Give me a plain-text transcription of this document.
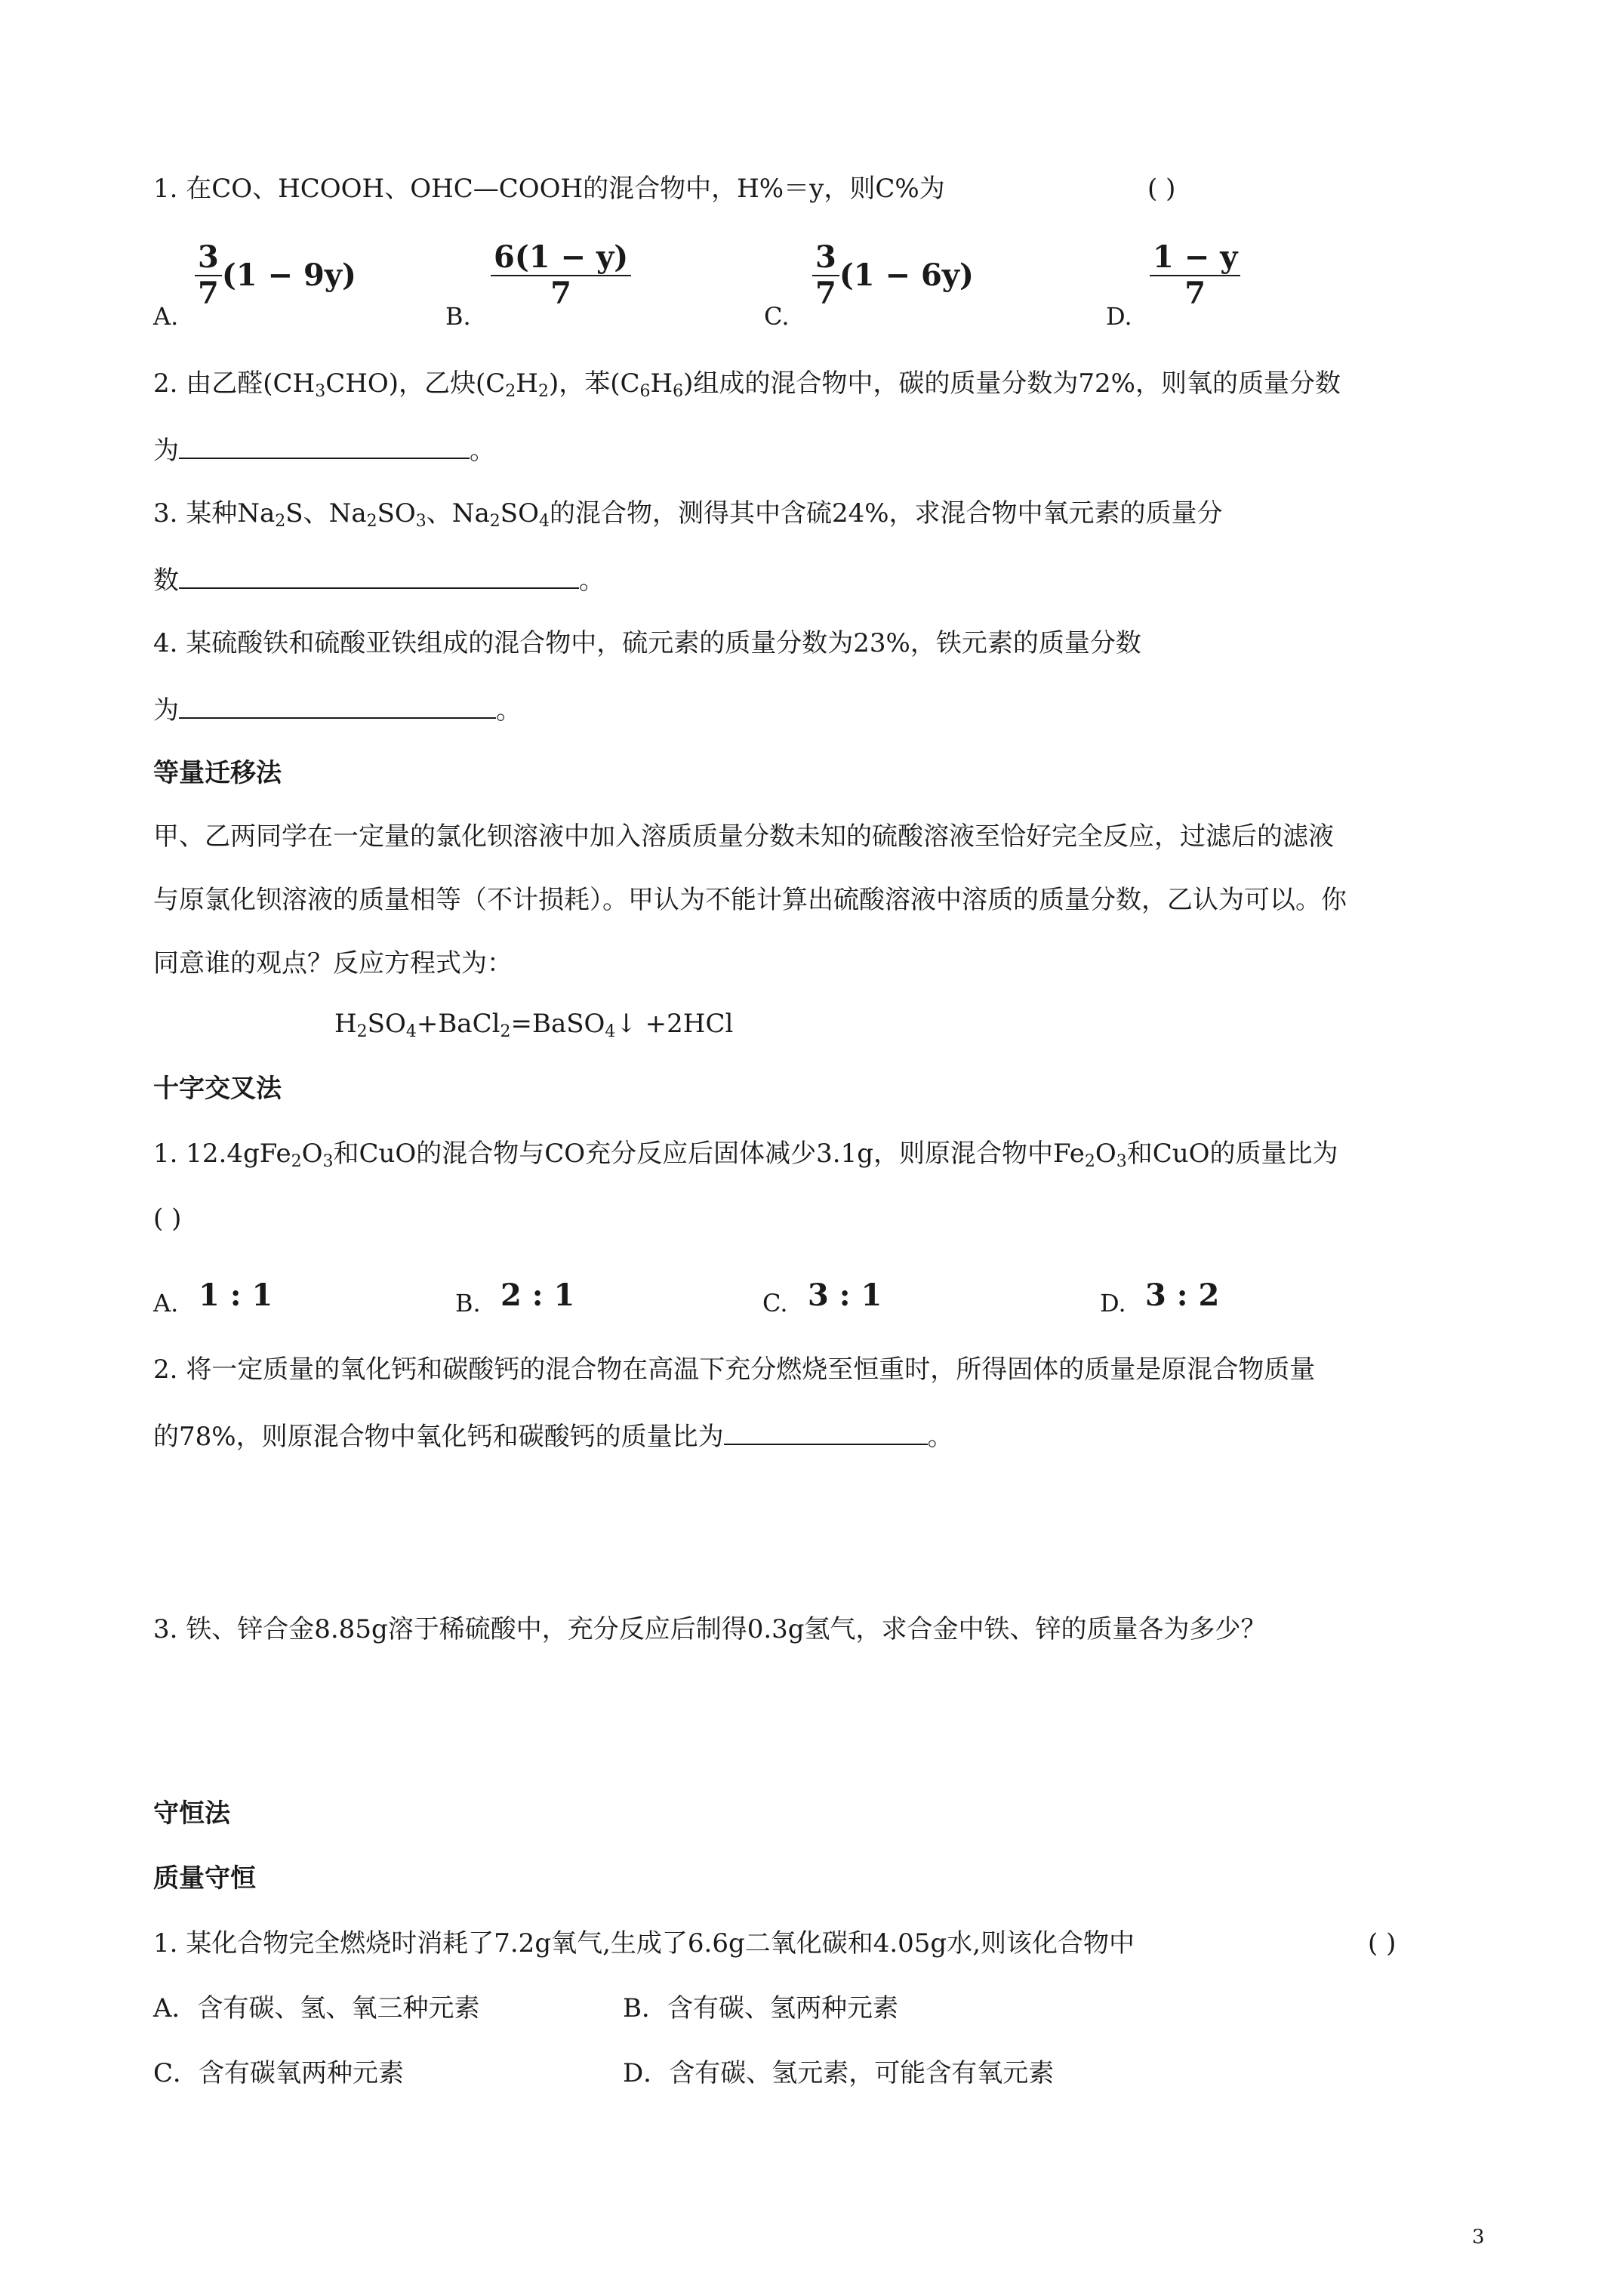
1. 在CO、HCOOH、OHC—COOH的混合物中，H%＝y，则C%为	( )
A.
$\frac{3}{7} (1 - 9y)$
B.
6(1 − y)
7
C.
$\frac{3}{7} (1 - 6y)$
D.
1 − y
7
2. 由乙醛$(CH_3CHO)$，乙炔$(C_2H_2)$，苯$(C_6H_6)$组成的混合物中，碳的质量分数为72%，则氧的质量分数
为	。
3. 某种$Na_2S$、$Na_2SO_3$、$Na_2SO_4$的混合物，测得其中含硫24%，求混合物中氧元素的质量分
数	。
4. 某硫酸铁和硫酸亚铁组成的混合物中，硫元素的质量分数为23%，铁元素的质量分数
为	。
等量迁移法
甲、乙两同学在一定量的氯化钡溶液中加入溶质质量分数未知的硫酸溶液至恰好完全反应，过滤后的滤液
与原氯化钡溶液的质量相等（不计损耗）。甲认为不能计算出硫酸溶液中溶质的质量分数，乙认为可以。你
同意谁的观点？反应方程式为：
$H_2SO_4+BaCl_2=BaSO_4↓ +2HCl$
十字交叉法
1. $12.4gFe_2O_3$和CuO的混合物与CO充分反应后固体减少3.1g，则原混合物中$Fe_2O_3$和CuO的质量比为
( )
A. 1 : 1	B. 2 : 1	C. 3 : 1	D. 3 : 2
2. 将一定质量的氧化钙和碳酸钙的混合物在高温下充分燃烧至恒重时，所得固体的质量是原混合物质量
的78%，则原混合物中氧化钙和碳酸钙的质量比为	。
3. 铁、锌合金8.85g溶于稀硫酸中，充分反应后制得0.3g氢气，求合金中铁、锌的质量各为多少？
守恒法
质量守恒
1. 某化合物完全燃烧时消耗了7.2g氧气,生成了6.6g二氧化碳和4.05g水,则该化合物中	( )
A．含有碳、氢、氧三种元素	B．含有碳、氢两种元素
C．含有碳氧两种元素	D．含有碳、氢元素，可能含有氧元素
3
